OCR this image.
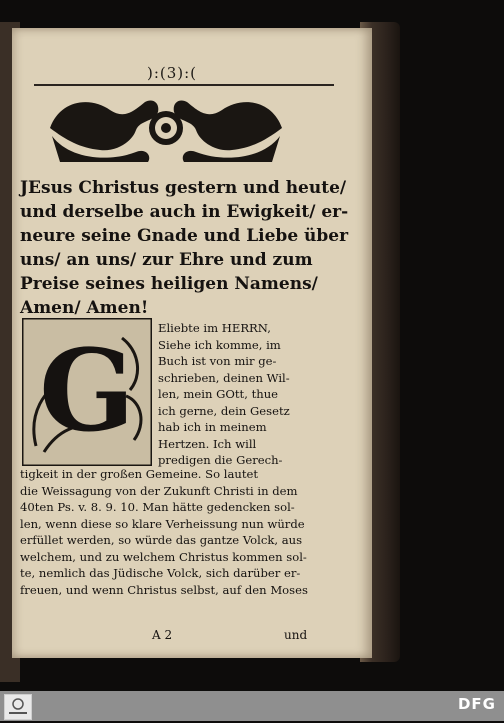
):(3):(
JEsus Christus gestern und heute/
und derselbe auch in Ewigkeit/ er-
neure seine Gnade und Liebe über
uns/ an uns/ zur Ehre und zum
Preise seines heiligen Namens/
Amen/ Amen!
G Eliebte im HERRN,
Siehe ich komme, im
Buch ist von mir ge-
schrieben, deinen Wil-
len, mein GOtt, thue
ich gerne, dein Gesetz
hab ich in meinem
Hertzen. Ich will
predigen die Gerech-
tigkeit in der großen Gemeine. So lautet
die Weissagung von der Zukunft Christi in dem
40ten Ps. v. 8. 9. 10. Man hätte gedencken sol-
len, wenn diese so klare Verheissung nun würde
erfüllet werden, so würde das gantze Volck, aus
welchem, und zu welchem Christus kommen sol-
te, nemlich das Jüdische Volck, sich darüber er-
freuen, und wenn Christus selbst, auf den Moses
A 2	und
DFG
